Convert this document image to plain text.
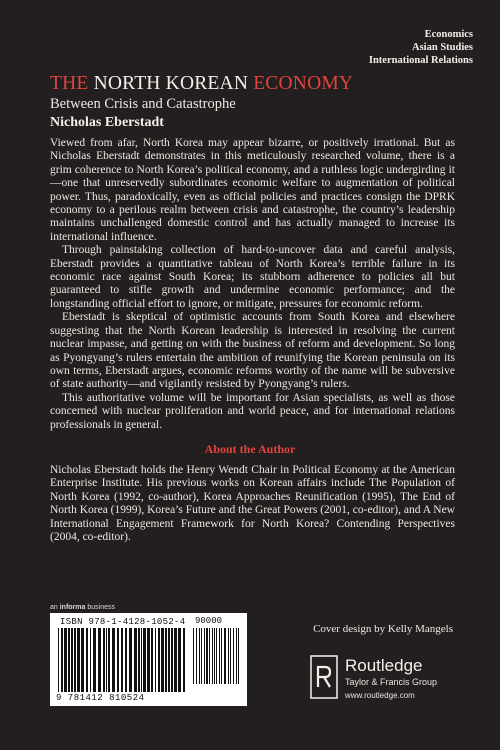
Economics
Asian Studies
International Relations
THE NORTH KOREAN ECONOMY
Between Crisis and Catastrophe
Nicholas Eberstadt

Viewed from afar, North Korea may appear bizarre, or positively irrational. But as Nicholas Eberstadt demonstrates in this meticulously researched volume, there is a grim coherence to North Korea’s political economy, and a ruthless logic undergirding it—one that unreservedly subordinates economic welfare to augmentation of political power. Thus, paradoxically, even as official policies and practices consign the DPRK economy to a perilous realm between crisis and catastrophe, the country’s leadership maintains unchallenged domestic control and has actually managed to increase its international influence.

Through painstaking collection of hard-to-uncover data and careful analysis, Eberstadt provides a quantitative tableau of North Korea’s terrible failure in its economic race against South Korea; its stubborn adherence to policies all but guaranteed to stifle growth and undermine economic performance; and the longstanding official effort to ignore, or mitigate, pressures for economic reform.

Eberstadt is skeptical of optimistic accounts from South Korea and elsewhere suggesting that the North Korean leadership is interested in resolving the current nuclear impasse, and getting on with the business of reform and development. So long as Pyongyang’s rulers entertain the ambition of reunifying the Korean peninsula on its own terms, Eberstadt argues, economic reforms worthy of the name will be subversive of state authority—and vigilantly resisted by Pyongyang’s rulers.

This authoritative volume will be important for Asian specialists, as well as those concerned with nuclear proliferation and world peace, and for international relations professionals in general.

About the Author

Nicholas Eberstadt holds the Henry Wendt Chair in Political Economy at the American Enterprise Institute. His previous works on Korean affairs include The Population of North Korea (1992, co-author), Korea Approaches Reunification (1995), The End of North Korea (1999), Korea’s Future and the Great Powers (2001, co-editor), and A New International Engagement Framework for North Korea? Contending Perspectives (2004, co-editor).

an informa business
ISBN 978-1-4128-1052-4 90000
9 781412 810524
Cover design by Kelly Mangels
Routledge
Taylor & Francis Group
www.routledge.com
